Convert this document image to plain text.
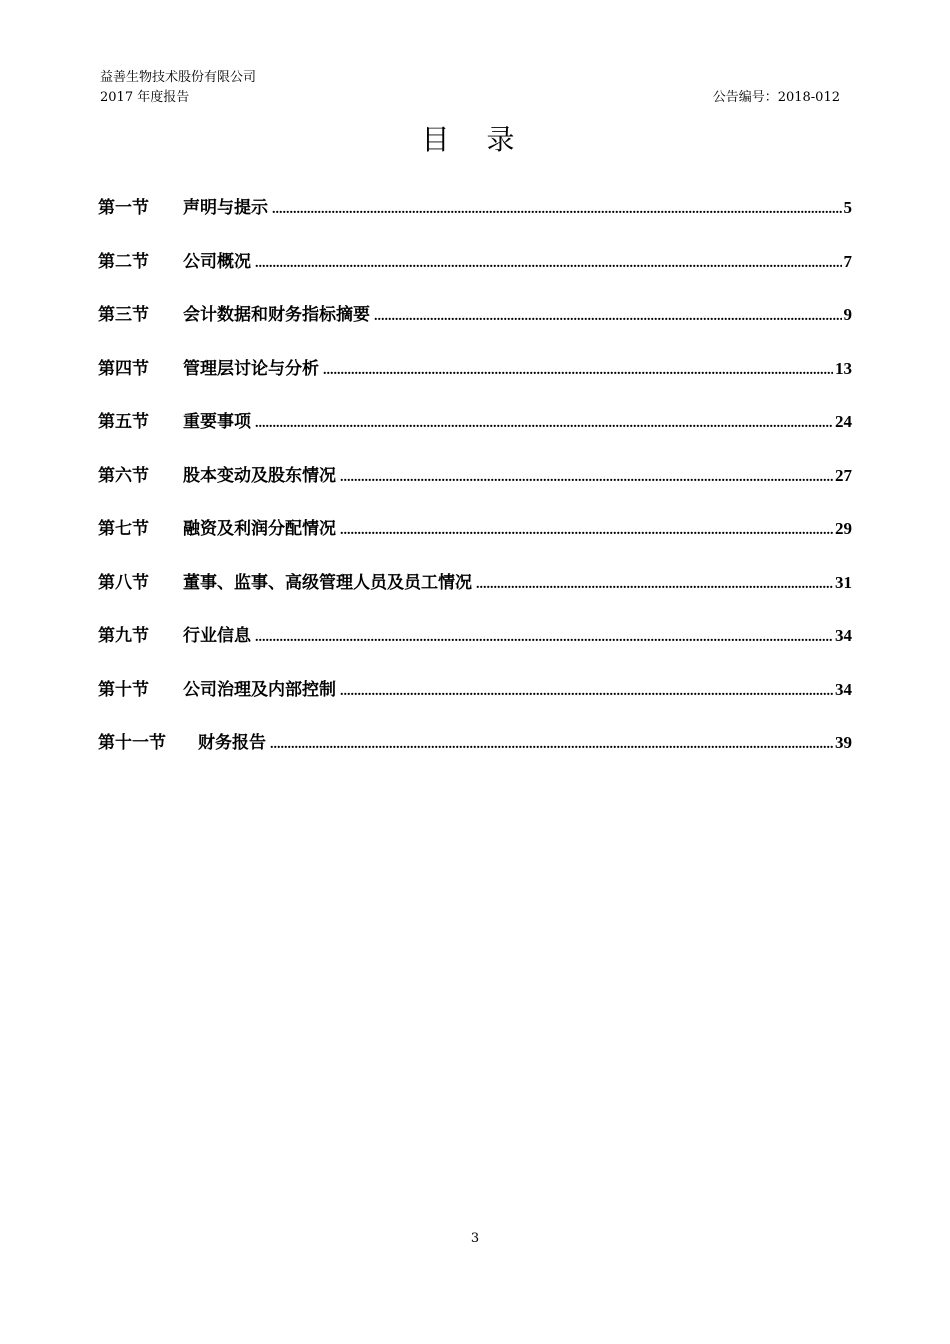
益善生物技术股份有限公司
2017 年度报告	公告编号：2018-012
目 录
第一节	声明与提示 .....	5
第二节	公司概况 .....	7
第三节	会计数据和财务指标摘要 .....	9
第四节	管理层讨论与分析 .....	13
第五节	重要事项 .....	24
第六节	股本变动及股东情况 .....	27
第七节	融资及利润分配情况 .....	29
第八节	董事、监事、高级管理人员及员工情况 .....	31
第九节	行业信息 .....	34
第十节	公司治理及内部控制 .....	34
第十一节	财务报告 .....	39
3
